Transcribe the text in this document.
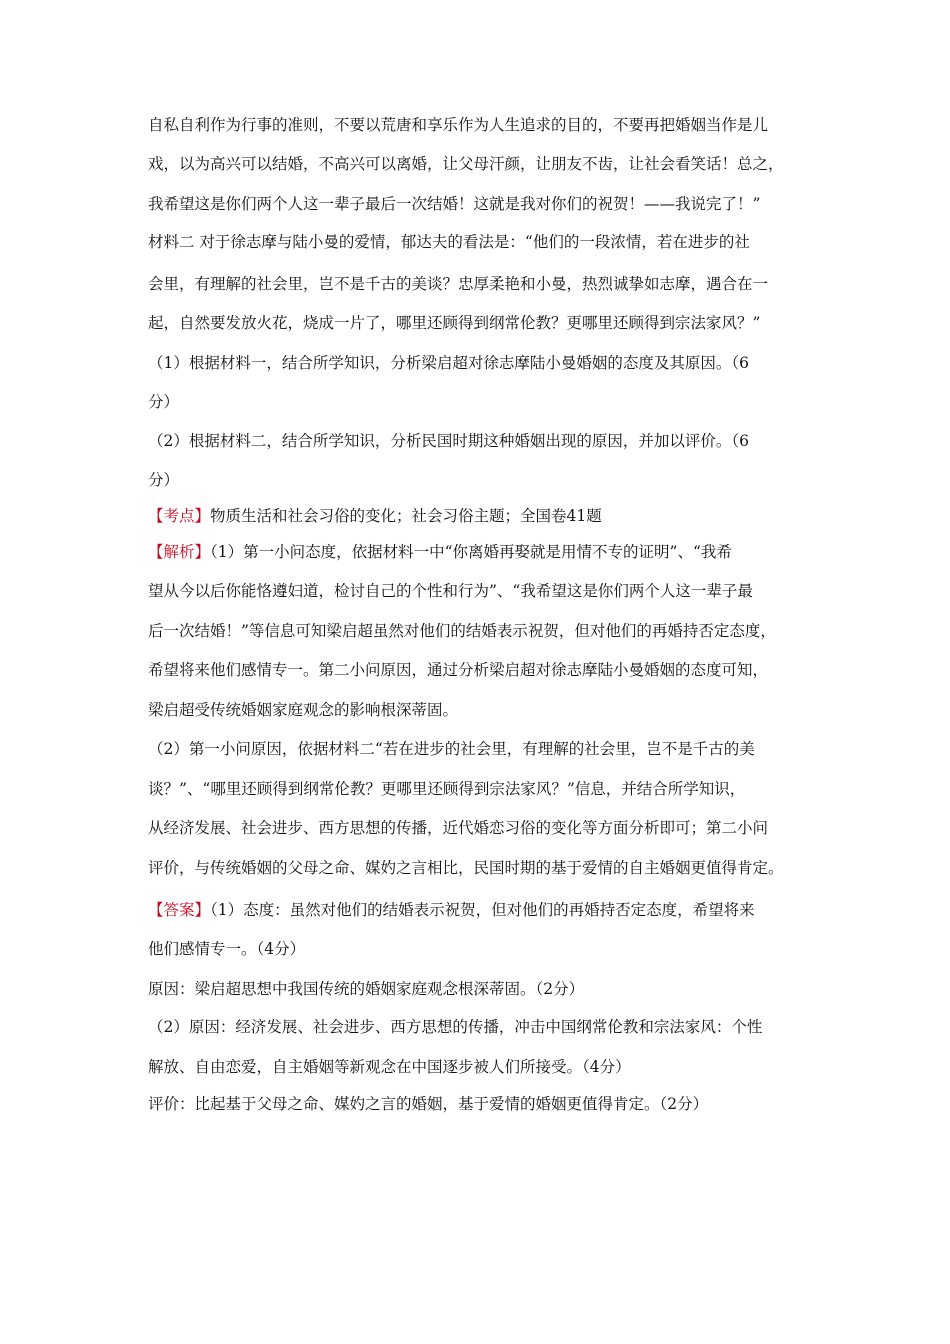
自私自利作为行事的准则，不要以荒唐和享乐作为人生追求的目的，不要再把婚姻当作是儿
戏，以为高兴可以结婚，不高兴可以离婚，让父母汗颜，让朋友不齿，让社会看笑话！总之，
我希望这是你们两个人这一辈子最后一次结婚！这就是我对你们的祝贺！——我说完了！”
材料二 对于徐志摩与陆小曼的爱情，郁达夫的看法是：“他们的一段浓情，若在进步的社
会里，有理解的社会里，岂不是千古的美谈？忠厚柔艳和小曼，热烈诚挚如志摩，遇合在一
起，自然要发放火花，烧成一片了，哪里还顾得到纲常伦教？更哪里还顾得到宗法家风？”
（1）根据材料一，结合所学知识，分析梁启超对徐志摩陆小曼婚姻的态度及其原因。（6
分）
（2）根据材料二，结合所学知识，分析民国时期这种婚姻出现的原因，并加以评价。（6
分）
【考点】物质生活和社会习俗的变化；社会习俗主题；全国卷41题
【解析】（1）第一小问态度，依据材料一中“你离婚再娶就是用情不专的证明”、“我希
望从今以后你能恪遵妇道，检讨自己的个性和行为”、“我希望这是你们两个人这一辈子最
后一次结婚！”等信息可知梁启超虽然对他们的结婚表示祝贺，但对他们的再婚持否定态度，
希望将来他们感情专一。第二小问原因，通过分析梁启超对徐志摩陆小曼婚姻的态度可知，
梁启超受传统婚姻家庭观念的影响根深蒂固。
（2）第一小问原因，依据材料二“若在进步的社会里，有理解的社会里，岂不是千古的美
谈？”、“哪里还顾得到纲常伦教？更哪里还顾得到宗法家风？”信息，并结合所学知识，
从经济发展、社会进步、西方思想的传播，近代婚恋习俗的变化等方面分析即可；第二小问
评价，与传统婚姻的父母之命、媒妁之言相比，民国时期的基于爱情的自主婚姻更值得肯定。
【答案】（1）态度：虽然对他们的结婚表示祝贺，但对他们的再婚持否定态度，希望将来
他们感情专一。（4分）
原因：梁启超思想中我国传统的婚姻家庭观念根深蒂固。（2分）
（2）原因：经济发展、社会进步、西方思想的传播，冲击中国纲常伦教和宗法家风：个性
解放、自由恋爱，自主婚姻等新观念在中国逐步被人们所接受。（4分）
评价：比起基于父母之命、媒妁之言的婚姻，基于爱情的婚姻更值得肯定。（2分）
